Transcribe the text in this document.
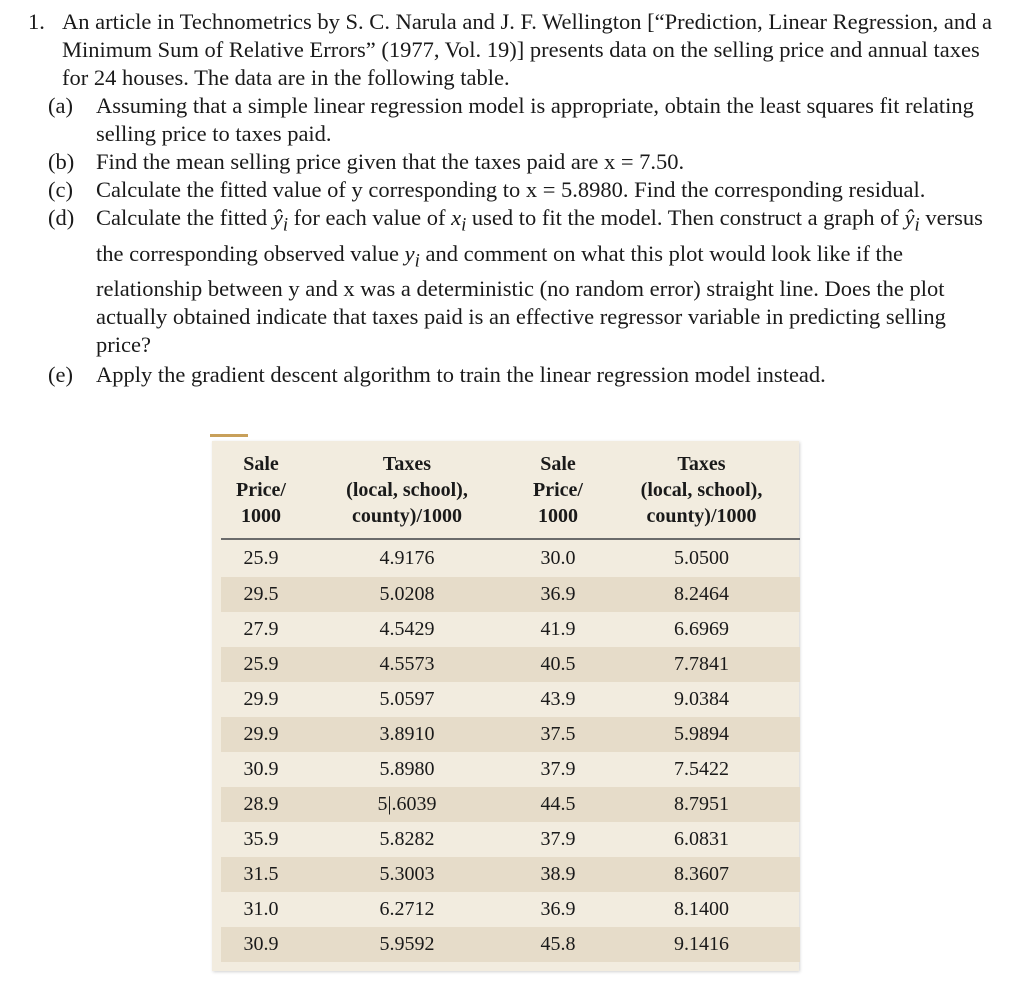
1. An article in Technometrics by S. C. Narula and J. F. Wellington [“Prediction, Linear Regression, and a Minimum Sum of Relative Errors” (1977, Vol. 19)] presents data on the selling price and annual taxes for 24 houses. The data are in the following table.

(a) Assuming that a simple linear regression model is appropriate, obtain the least squares fit relating selling price to taxes paid.
(b) Find the mean selling price given that the taxes paid are x = 7.50.
(c) Calculate the fitted value of y corresponding to x = 5.8980. Find the corresponding residual.
(d) Calculate the fitted $ŷ_i$ for each value of $x_i$ used to fit the model. Then construct a graph of $ŷ_i$ versus the corresponding observed value $y_i$ and comment on what this plot would look like if the relationship between y and x was a deterministic (no random error) straight line. Does the plot actually obtained indicate that taxes paid is an effective regressor variable in predicting selling price?
(e) Apply the gradient descent algorithm to train the linear regression model instead.
Sale
Price/
1000	Taxes
(local, school),
county)/1000	Sale
Price/
1000	Taxes
(local, school),
county)/1000
25.9	4.9176	30.0	5.0500
29.5	5.0208	36.9	8.2464
27.9	4.5429	41.9	6.6969
25.9	4.5573	40.5	7.7841
29.9	5.0597	43.9	9.0384
29.9	3.8910	37.5	5.9894
30.9	5.8980	37.9	7.5422
28.9	5|.6039	44.5	8.7951
35.9	5.8282	37.9	6.0831
31.5	5.3003	38.9	8.3607
31.0	6.2712	36.9	8.1400
30.9	5.9592	45.8	9.1416
